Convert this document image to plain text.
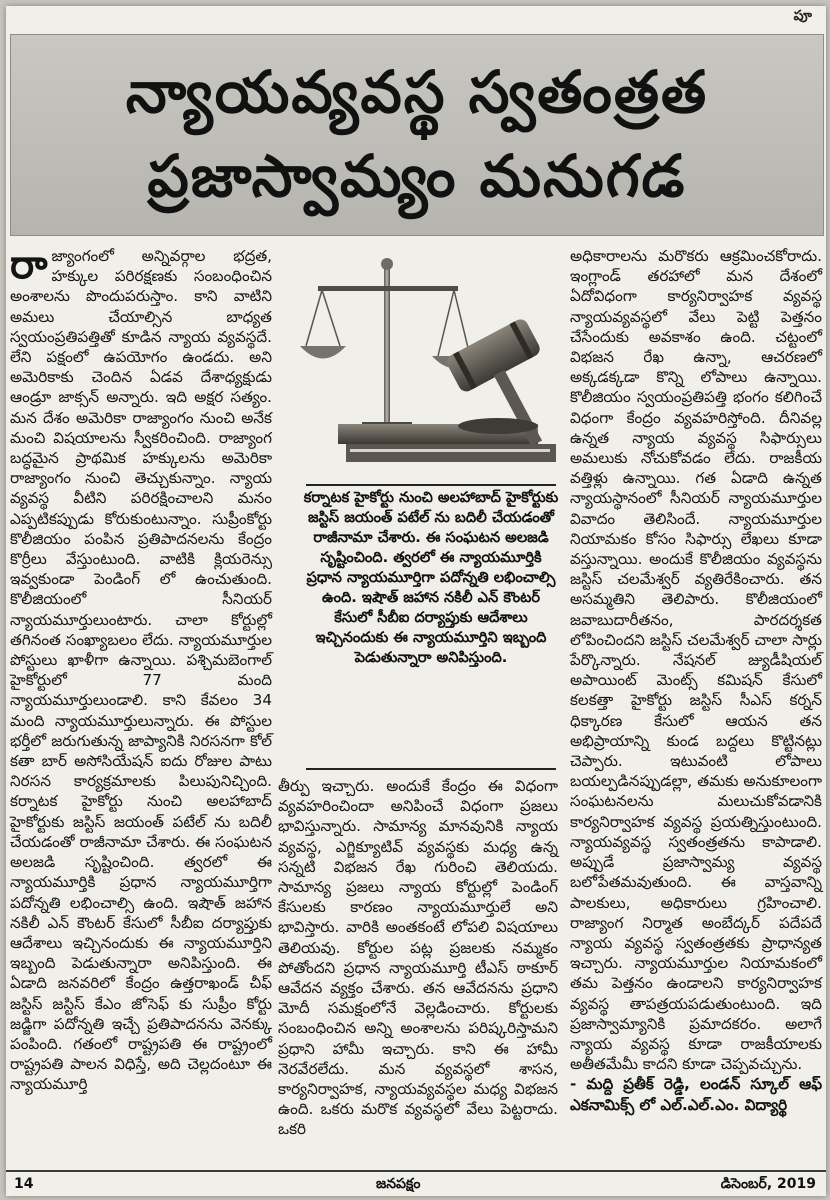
పూ
న్యాయవ్యవస్థ స్వతంత్రత
ప్రజాస్వామ్యం మనుగడ

రాజ్యాంగంలో అన్నివర్గాల భద్రత, హక్కుల పరిరక్షణకు సంబంధించిన అంశాలను పొందుపరుస్తాం. కాని వాటిని అమలు చేయాల్సిన బాధ్యత స్వయంప్రతిపత్తితో కూడిన న్యాయ వ్యవస్థదే. లేని పక్షంలో ఉపయోగం ఉండదు. అని అమెరికాకు చెందిన ఏడవ దేశాధ్యక్షుడు ఆండ్రూ జాక్సన్ అన్నారు. ఇది అక్షర సత్యం. మన దేశం అమెరికా రాజ్యాంగం నుంచి అనేక మంచి విషయాలను స్వీకరించింది. రాజ్యాంగ బద్ధమైన ప్రాథమిక హక్కులను అమెరికా రాజ్యాంగం నుంచి తెచ్చుకున్నాం. న్యాయ వ్యవస్థ వీటిని పరిరక్షించాలని మనం ఎప్పటికప్పుడు కోరుకుంటున్నాం. సుప్రీంకోర్టు కొలీజియం పంపిన ప్రతిపాదనలను కేంద్రం కొర్రీలు వేస్తుంటుంది. వాటికి క్లియరెన్సు ఇవ్వకుండా పెండింగ్ లో ఉంచుతుంది. కొలీజియంలో సీనియర్ న్యాయమూర్తులుంటారు. చాలా కోర్టుల్లో తగినంత సంఖ్యాబలం లేదు. న్యాయమూర్తుల పోస్టులు ఖాళీగా ఉన్నాయి. పశ్చిమబెంగాల్ హైకోర్టులో 77 మంది న్యాయమూర్తులుండాలి. కాని కేవలం 34 మంది న్యాయమూర్తులున్నారు. ఈ పోస్టుల భర్తీలో జరుగుతున్న జాప్యానికి నిరసనగా కోల్ కతా బార్ అసోసియేషన్ ఐదు రోజుల పాటు నిరసన కార్యక్రమాలకు పిలుపునిచ్చింది. కర్నాటక హైకోర్టు నుంచి అలహాబాద్ హైకోర్టుకు జస్టిస్ జయంత్ పటేల్ ను బదిలీ చేయడంతో రాజీనామా చేశారు. ఈ సంఘటన అలజడి సృష్టించింది. త్వరలో ఈ న్యాయమూర్తికి ప్రధాన న్యాయమూర్తిగా పదోన్నతి లభించాల్సి ఉంది. ఇషౌత్ జహాన నకిలీ ఎన్ కౌంటర్ కేసులో సీబీఐ దర్యాప్తుకు ఆదేశాలు ఇచ్చినందుకు ఈ న్యాయమూర్తిని ఇబ్బంది పెడుతున్నారా అనిపిస్తుంది. ఈ ఏడాది జనవరిలో కేంద్రం ఉత్తరాఖండ్ చీఫ్ జస్టిస్ జస్టిస్ కేఎం జోసెఫ్ కు సుప్రీం కోర్టు జడ్జిగా పదోన్నతి ఇచ్చే ప్రతిపాదనను వెనక్కు పంపింది. గతంలో రాష్ట్రపతి ఈ రాష్ట్రంలో రాష్ట్రపతి పాలన విధిస్తే, అది చెల్లదంటూ ఈ న్యాయమూర్తి

కర్నాటక హైకోర్టు నుంచి అలహాబాద్ హైకోర్టుకు జస్టిస్ జయంత్ పటేల్ ను బదిలీ చేయడంతో రాజీనామా చేశారు. ఈ సంఘటన అలజడి సృష్టించింది. త్వరలో ఈ న్యాయమూర్తికి ప్రధాన న్యాయమూర్తిగా పదోన్నతి లభించాల్సి ఉంది. ఇషౌత్ జహాన నకిలీ ఎన్ కౌంటర్ కేసులో సీబీఐ దర్యాప్తుకు ఆదేశాలు ఇచ్చినందుకు ఈ న్యాయమూర్తిని ఇబ్బంది పెడుతున్నారా అనిపిస్తుంది.

తీర్పు ఇచ్చారు. అందుకే కేంద్రం ఈ విధంగా వ్యవహరించిందా అనిపించే విధంగా ప్రజలు భావిస్తున్నారు. సామాన్య మానవునికి న్యాయ వ్యవస్థ, ఎగ్జిక్యూటివ్ వ్యవస్థకు మధ్య ఉన్న సన్నటి విభజన రేఖ గురించి తెలియదు. సామాన్య ప్రజలు న్యాయ కోర్టుల్లో పెండింగ్ కేసులకు కారణం న్యాయమూర్తులే అని భావిస్తారు. వారికి అంతకంటే లోపలి విషయాలు తెలియవు. కోర్టుల పట్ల ప్రజలకు నమ్మకం పోతోందని ప్రధాన న్యాయమూర్తి టీఎస్ ఠాకూర్ ఆవేదన వ్యక్తం చేశారు. తన ఆవేదనను ప్రధాని మోదీ సమక్షంలోనే వెల్లడించారు. కోర్టులకు సంబంధించిన అన్ని అంశాలను పరిష్కరిస్తామని ప్రధాని హామీ ఇచ్చారు. కాని ఈ హామీ నెరవేరలేదు. మన వ్యవస్థలో శాసన, కార్యనిర్వాహక, న్యాయవ్యవస్థల మధ్య విభజన ఉంది. ఒకరు మరొక వ్యవస్థలో వేలు పెట్టరాదు. ఒకరి

అధికారాలను మరొకరు ఆక్రమించకోరాదు. ఇంగ్లాండ్ తరహాలో మన దేశంలో ఏదోవిధంగా కార్యనిర్వాహక వ్యవస్థ న్యాయవ్యవస్థలో వేలు పెట్టి పెత్తనం చేసేందుకు అవకాశం ఉంది. చట్టంలో విభజన రేఖ ఉన్నా, ఆచరణలో అక్కడక్కడా కొన్ని లోపాలు ఉన్నాయి. కొలీజియం స్వయంప్రతిపత్తి భంగం కలిగించే విధంగా కేంద్రం వ్యవహరిస్తోంది. దీనివల్ల ఉన్నత న్యాయ వ్యవస్థ సిఫార్సులు అమలుకు నోచుకోవడం లేదు. రాజకీయ వత్తిళ్లు ఉన్నాయి. గత ఏడాది ఉన్నత న్యాయస్థానంలో సీనియర్ న్యాయమూర్తుల వివాదం తెలిసిందే. న్యాయమూర్తుల నియామకం కోసం సిఫార్సు లేఖలు కూడా వస్తున్నాయి. అందుకే కొలీజియం వ్యవస్థను జస్టిస్ చలమేశ్వర్ వ్యతిరేకించారు. తన అసమ్మతిని తెలిపారు. కొలీజియంలో జవాబుదారీతనం, పారదర్శకత లోపించిందని జస్టిస్ చలమేశ్వర్ చాలా సార్లు పేర్కొన్నారు. నేషనల్ జ్యుడీషియల్ అపాయింట్ మెంట్స్ కమిషన్ కేసులో కలకత్తా హైకోర్టు జస్టిస్ సీఎస్ కర్నన్ ధిక్కారణ కేసులో ఆయన తన అభిప్రాయాన్ని కుండ బద్దలు కొట్టినట్లు చెప్పారు. ఇటువంటి లోపాలు బయల్పడినప్పుడల్లా, తమకు అనుకూలంగా సంఘటనలను మలుచుకోవడానికి కార్యనిర్వాహక వ్యవస్థ ప్రయత్నిస్తుంటుంది. న్యాయవ్యవస్థ స్వతంత్రతను కాపాడాలి. అప్పుడే ప్రజాస్వామ్య వ్యవస్థ బలోపేతమవుతుంది. ఈ వాస్తవాన్ని పాలకులు, అధికారులు గ్రహించాలి. రాజ్యాంగ నిర్మాత అంబేద్కర్ పదేపదే న్యాయ వ్యవస్థ స్వతంత్రతకు ప్రాధాన్యత ఇచ్చారు. న్యాయమూర్తుల నియామకంలో తమ పెత్తనం ఉండాలని కార్యనిర్వాహక వ్యవస్థ తాపత్రయపడుతుంటుంది. ఇది ప్రజాస్వామ్యానికి ప్రమాదకరం. అలాగే న్యాయ వ్యవస్థ కూడా రాజకీయాలకు అతీతమేమీ కాదని కూడా చెప్పవచ్చును.

- మద్ది ప్రతీక్ రెడ్డి, లండన్ స్కూల్ ఆఫ్ ఎకనామిక్స్ లో ఎల్.ఎల్.ఎం. విద్యార్థి

14	జనపక్షం	డిసెంబర్, 2019
